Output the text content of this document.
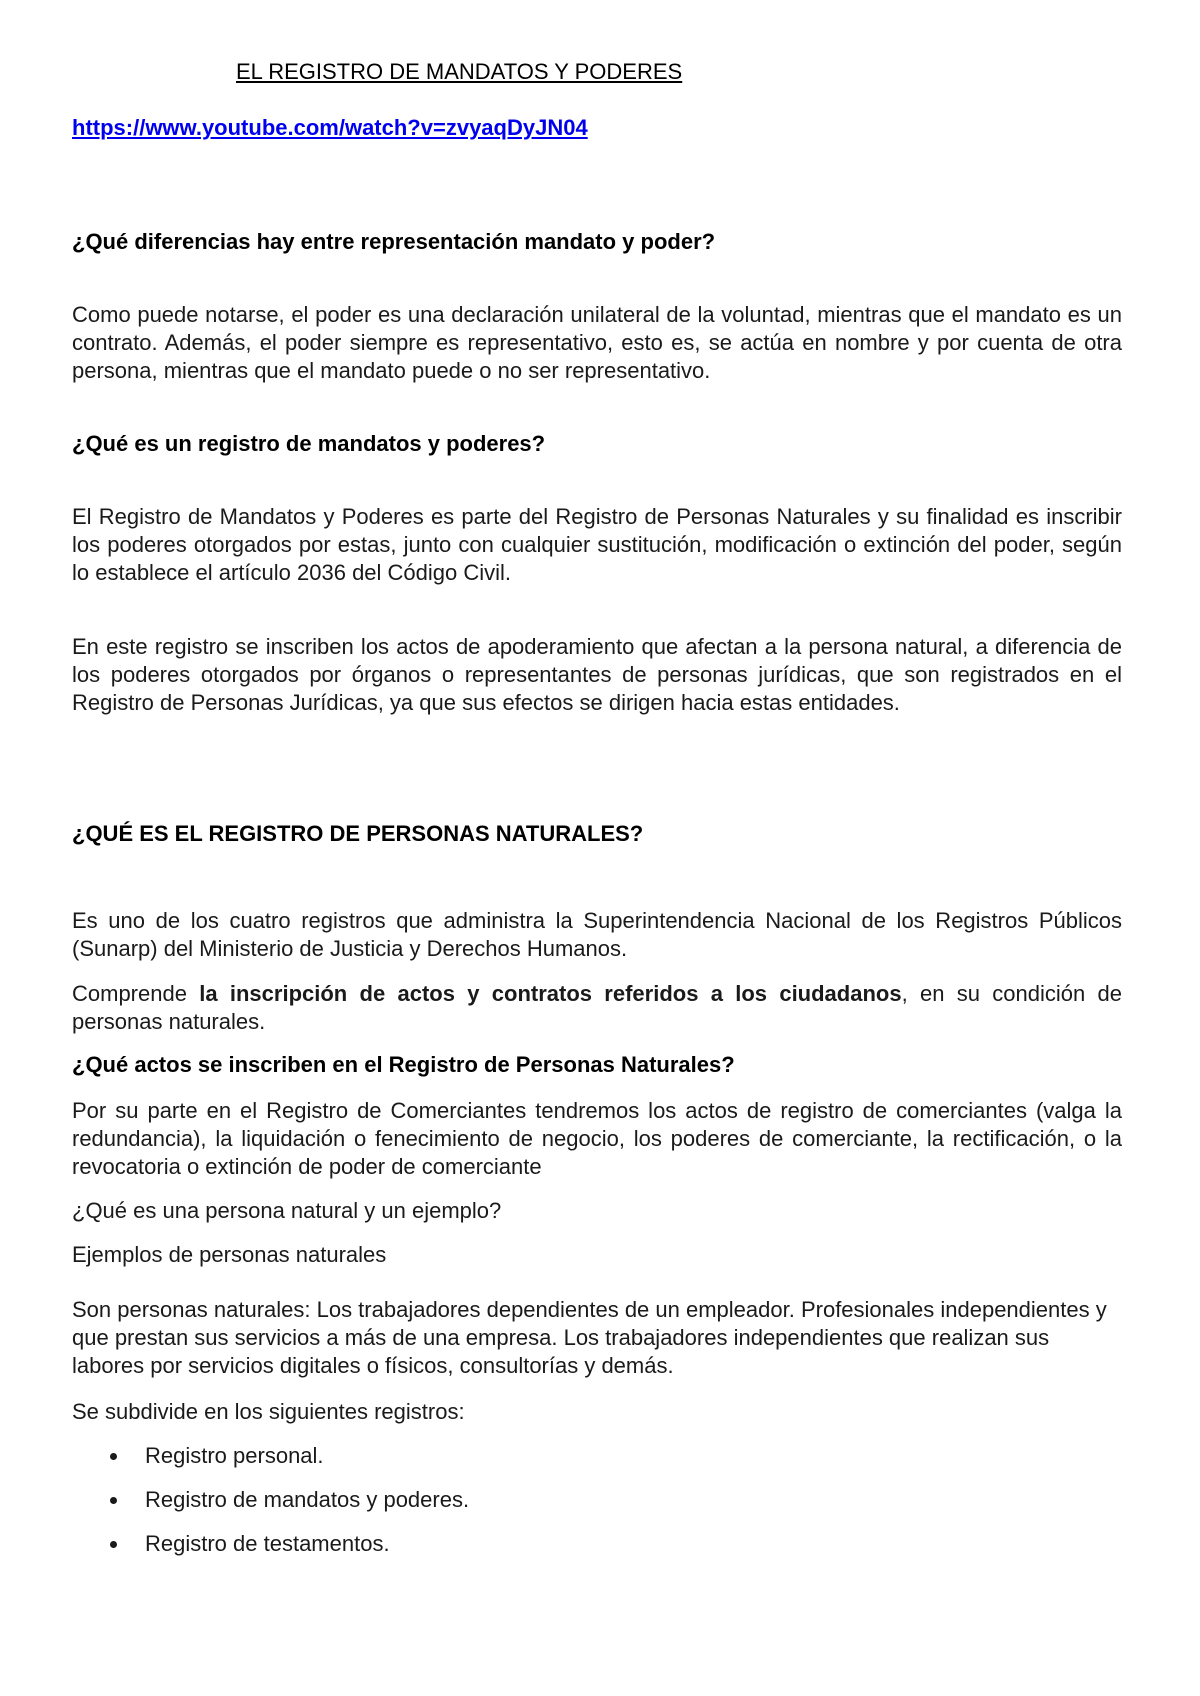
EL REGISTRO DE MANDATOS Y PODERES
https://www.youtube.com/watch?v=zvyaqDyJN04

¿Qué diferencias hay entre representación mandato y poder?

Como puede notarse, el poder es una declaración unilateral de la voluntad, mientras que el mandato es un contrato. Además, el poder siempre es representativo, esto es, se actúa en nombre y por cuenta de otra persona, mientras que el mandato puede o no ser representativo.

¿Qué es un registro de mandatos y poderes?

El Registro de Mandatos y Poderes es parte del Registro de Personas Naturales y su finalidad es inscribir los poderes otorgados por estas, junto con cualquier sustitución, modificación o extinción del poder, según lo establece el artículo 2036 del Código Civil.

En este registro se inscriben los actos de apoderamiento que afectan a la persona natural, a diferencia de los poderes otorgados por órganos o representantes de personas jurídicas, que son registrados en el Registro de Personas Jurídicas, ya que sus efectos se dirigen hacia estas entidades.

¿QUÉ ES EL REGISTRO DE PERSONAS NATURALES?

Es uno de los cuatro registros que administra la Superintendencia Nacional de los Registros Públicos (Sunarp) del Ministerio de Justicia y Derechos Humanos.

Comprende la inscripción de actos y contratos referidos a los ciudadanos, en su condición de personas naturales.

¿Qué actos se inscriben en el Registro de Personas Naturales?

Por su parte en el Registro de Comerciantes tendremos los actos de registro de comerciantes (valga la redundancia), la liquidación o fenecimiento de negocio, los poderes de comerciante, la rectificación, o la revocatoria o extinción de poder de comerciante

¿Qué es una persona natural y un ejemplo?

Ejemplos de personas naturales

Son personas naturales: Los trabajadores dependientes de un empleador. Profesionales independientes y que prestan sus servicios a más de una empresa. Los trabajadores independientes que realizan sus labores por servicios digitales o físicos, consultorías y demás.

Se subdivide en los siguientes registros:

Registro personal.
Registro de mandatos y poderes.
Registro de testamentos.
